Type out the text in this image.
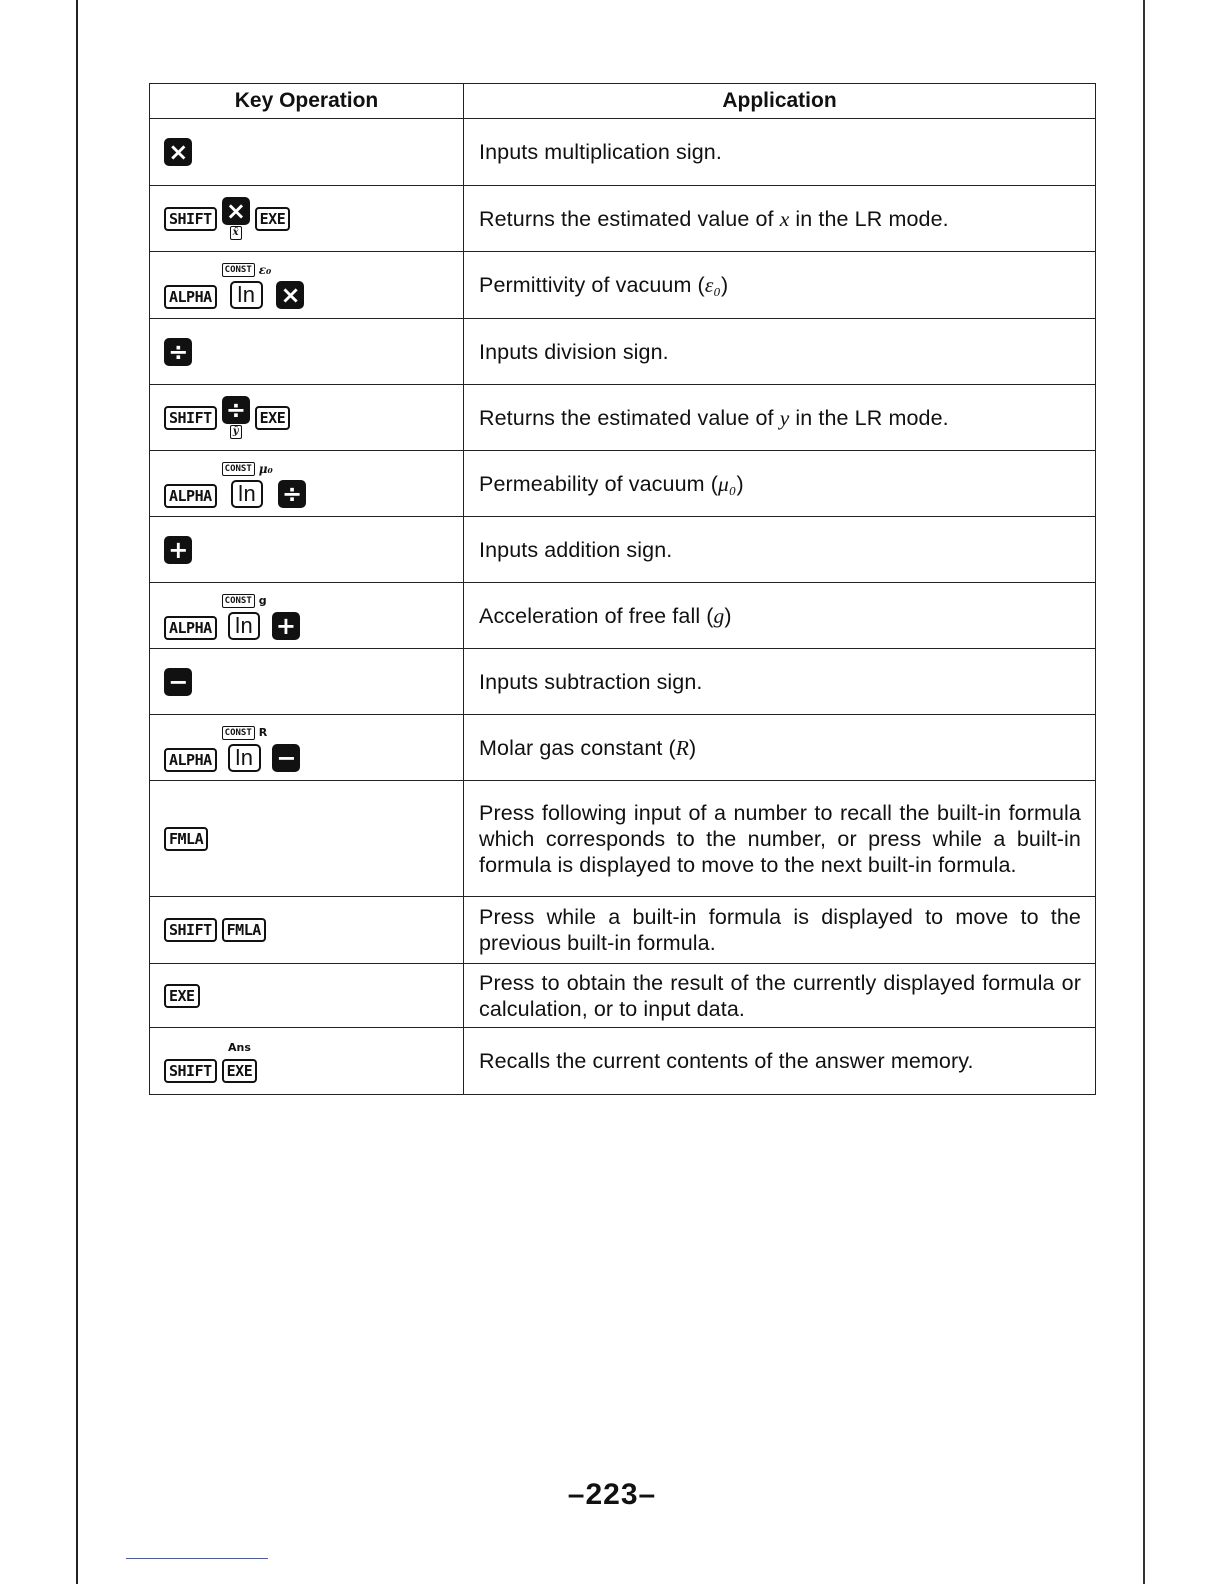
Key Operation	Application

×	Inputs multiplication sign.

SHIFT ×
x̂
EXE	Returns the estimated value of x in the LR mode.

ALPHA
CONST ε₀
ln ×	Permittivity of vacuum (ε₀)

÷	Inputs division sign.

SHIFT ÷
ŷ
EXE	Returns the estimated value of y in the LR mode.

ALPHA
CONST μ₀
ln ÷	Permeability of vacuum (μ₀)

+	Inputs addition sign.

ALPHA
CONST g
ln +	Acceleration of free fall (g)

−	Inputs subtraction sign.

ALPHA
CONST R
ln −	Molar gas constant (R)

FMLA	Press following input of a number to recall the built-in formula which corresponds to the number, or press while a built-in formula is displayed to move to the next built-in formula.

SHIFT FMLA	Press while a built-in formula is displayed to move to the previous built-in formula.

EXE	Press to obtain the result of the currently displayed formula or calculation, or to input data.

SHIFT
Ans
EXE	Recalls the current contents of the answer memory.
–223–
